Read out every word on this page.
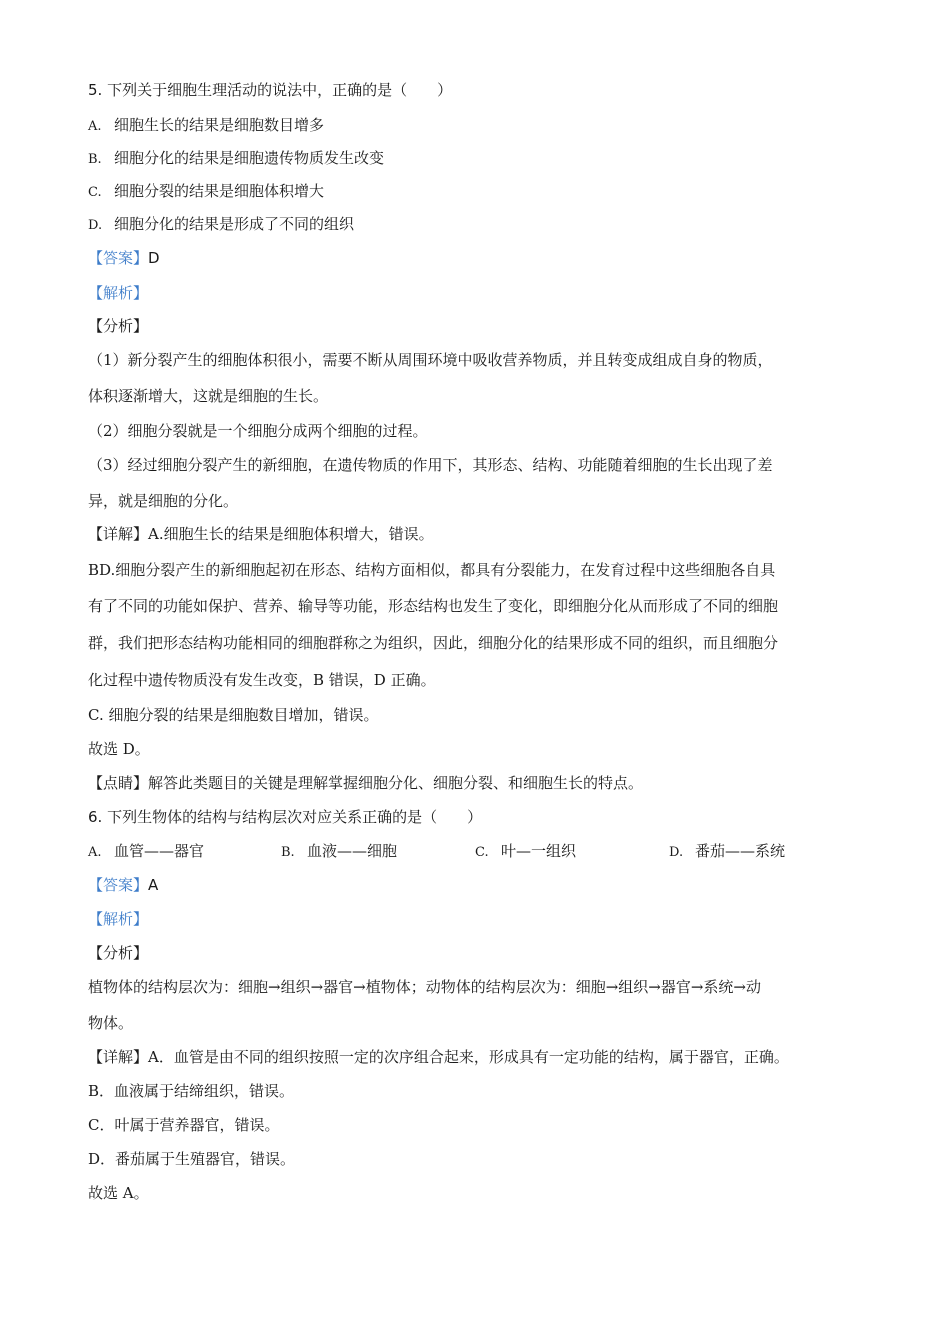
5. 下列关于细胞生理活动的说法中，正确的是（　　）
A. 细胞生长的结果是细胞数目增多
B. 细胞分化的结果是细胞遗传物质发生改变
C. 细胞分裂的结果是细胞体积增大
D. 细胞分化的结果是形成了不同的组织
【答案】D
【解析】
【分析】
（1）新分裂产生的细胞体积很小，需要不断从周围环境中吸收营养物质，并且转变成组成自身的物质，
体积逐渐增大，这就是细胞的生长。
（2）细胞分裂就是一个细胞分成两个细胞的过程。
（3）经过细胞分裂产生的新细胞，在遗传物质的作用下，其形态、结构、功能随着细胞的生长出现了差
异，就是细胞的分化。
【详解】A.细胞生长的结果是细胞体积增大，错误。
BD.细胞分裂产生的新细胞起初在形态、结构方面相似，都具有分裂能力，在发育过程中这些细胞各自具
有了不同的功能如保护、营养、输导等功能，形态结构也发生了变化，即细胞分化从而形成了不同的细胞
群，我们把形态结构功能相同的细胞群称之为组织，因此，细胞分化的结果形成不同的组织，而且细胞分
化过程中遗传物质没有发生改变，B 错误，D 正确。
C. 细胞分裂的结果是细胞数目增加，错误。
故选 D。
【点睛】解答此类题目的关键是理解掌握细胞分化、细胞分裂、和细胞生长的特点。
6. 下列生物体的结构与结构层次对应关系正确的是（　　）
A. 血管——器官	B. 血液——细胞	C. 叶—一组织	D. 番茄——系统
【答案】A
【解析】
【分析】
植物体的结构层次为：细胞→组织→器官→植物体；动物体的结构层次为：细胞→组织→器官→系统→动
物体。
【详解】A．血管是由不同的组织按照一定的次序组合起来，形成具有一定功能的结构，属于器官，正确。
B．血液属于结缔组织，错误。
C．叶属于营养器官，错误。
D．番茄属于生殖器官，错误。
故选 A。
